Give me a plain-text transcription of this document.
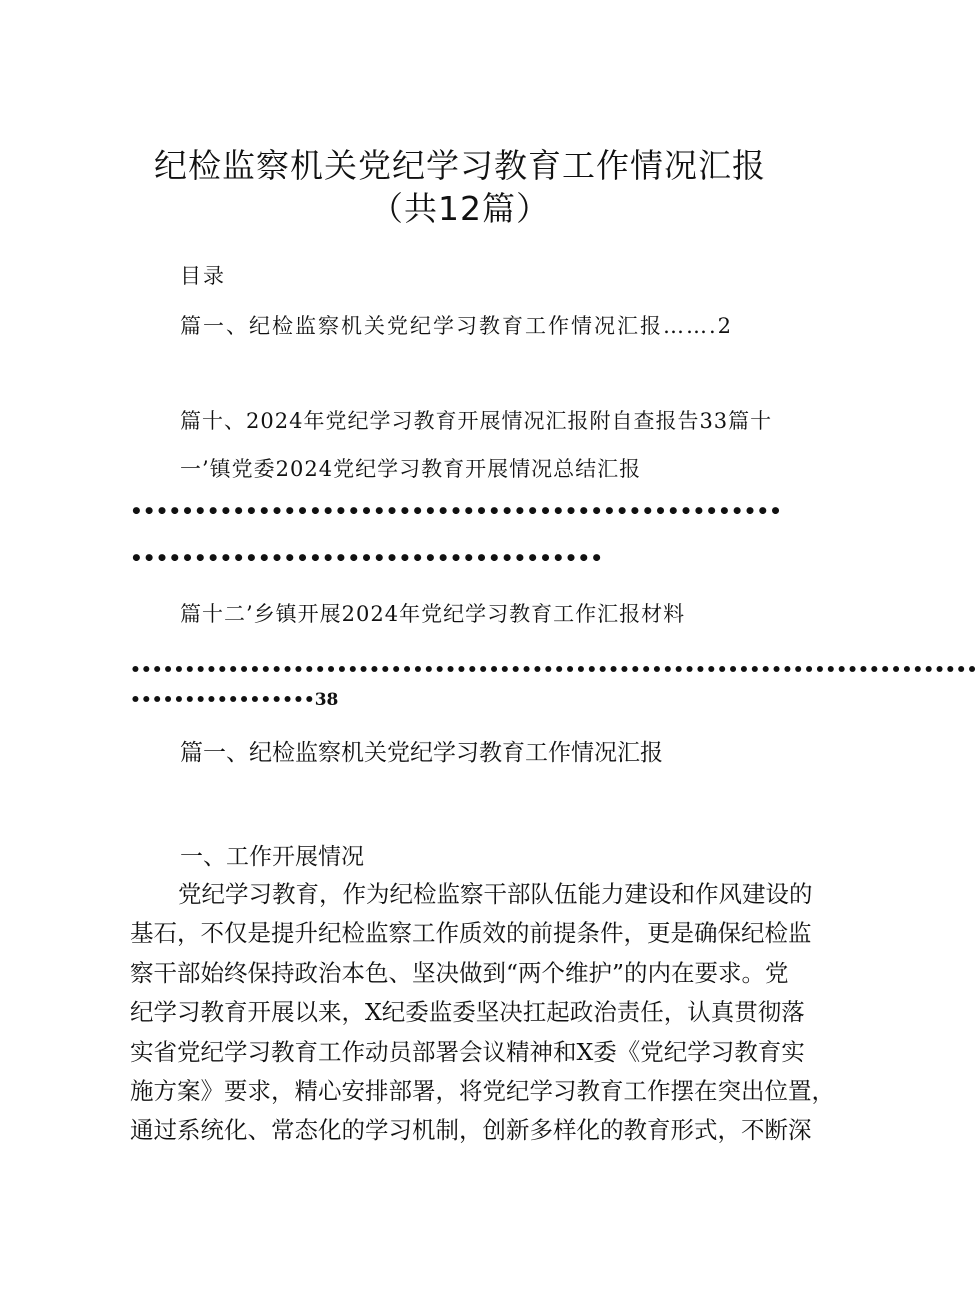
纪检监察机关党纪学习教育工作情况汇报
（共12篇）
目录
篇一、纪检监察机关党纪学习教育工作情况汇报…….2
篇十、2024年党纪学习教育开展情况汇报附自查报告33篇十
一’镇党委2024党纪学习教育开展情况总结汇报
•••••••••••••••••••••••••••••••••••••••••••••••••••
•••••••••••••••••••••••••••••••••••••
篇十二’乡镇开展2024年党纪学习教育工作汇报材料
••••••••••••••••••••••••••••••••••••••••••••••••••••••••••••••••••••••••••••••
•••••••••••••••••38
篇一、纪检监察机关党纪学习教育工作情况汇报
一、工作开展情况
党纪学习教育，作为纪检监察干部队伍能力建设和作风建设的
基石，不仅是提升纪检监察工作质效的前提条件，更是确保纪检监
察干部始终保持政治本色、坚决做到“两个维护”的内在要求。党
纪学习教育开展以来，X纪委监委坚决扛起政治责任，认真贯彻落
实省党纪学习教育工作动员部署会议精神和X委《党纪学习教育实
施方案》要求，精心安排部署，将党纪学习教育工作摆在突出位置，
通过系统化、常态化的学习机制，创新多样化的教育形式，不断深
